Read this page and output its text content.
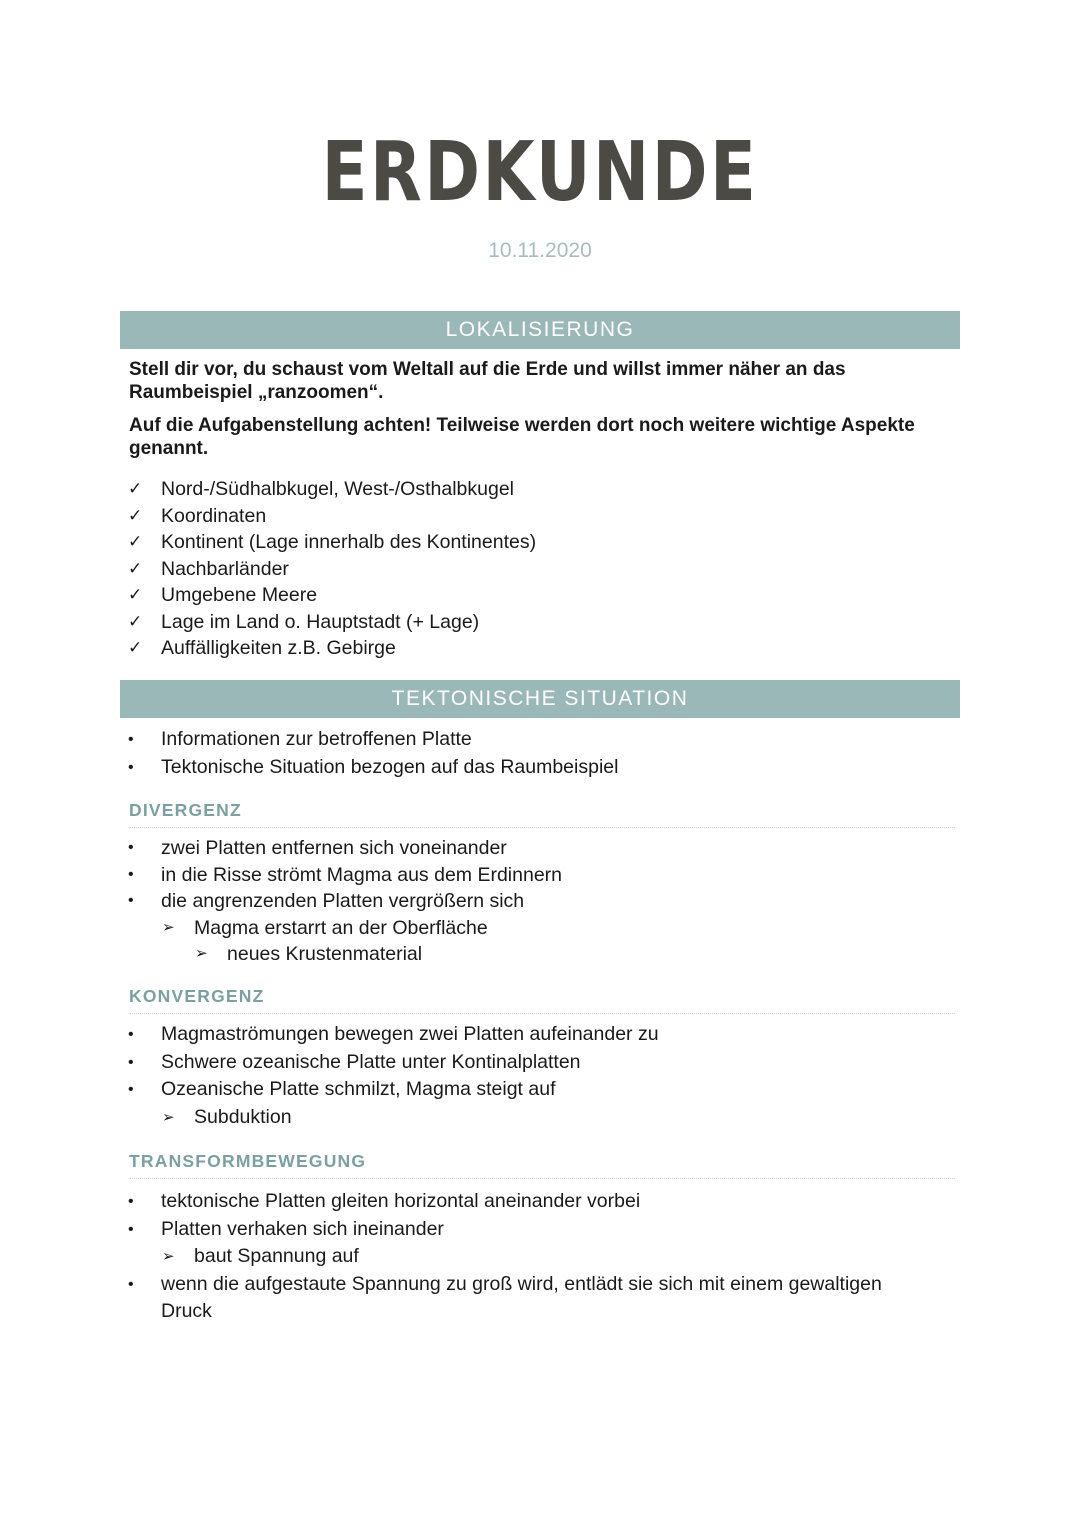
ERDKUNDE
10.11.2020
LOKALISIERUNG

Stell dir vor, du schaust vom Weltall auf die Erde und willst immer näher an das Raumbeispiel „ranzoomen“.

Auf die Aufgabenstellung achten! Teilweise werden dort noch weitere wichtige Aspekte genannt.

✓ Nord-/Südhalbkugel, West-/Osthalbkugel
✓ Koordinaten
✓ Kontinent (Lage innerhalb des Kontinentes)
✓ Nachbarländer
✓ Umgebene Meere
✓ Lage im Land o. Hauptstadt (+ Lage)
✓ Auffälligkeiten z.B. Gebirge
TEKTONISCHE SITUATION
• Informationen zur betroffenen Platte
• Tektonische Situation bezogen auf das Raumbeispiel
DIVERGENZ
• zwei Platten entfernen sich voneinander
• in die Risse strömt Magma aus dem Erdinnern
• die angrenzenden Platten vergrößern sich
➢ Magma erstarrt an der Oberfläche
➢ neues Krustenmaterial
KONVERGENZ
• Magmaströmungen bewegen zwei Platten aufeinander zu
• Schwere ozeanische Platte unter Kontinalplatten
• Ozeanische Platte schmilzt, Magma steigt auf
➢ Subduktion
TRANSFORMBEWEGUNG
• tektonische Platten gleiten horizontal aneinander vorbei
• Platten verhaken sich ineinander
➢ baut Spannung auf
• wenn die aufgestaute Spannung zu groß wird, entlädt sie sich mit einem gewaltigen Druck
